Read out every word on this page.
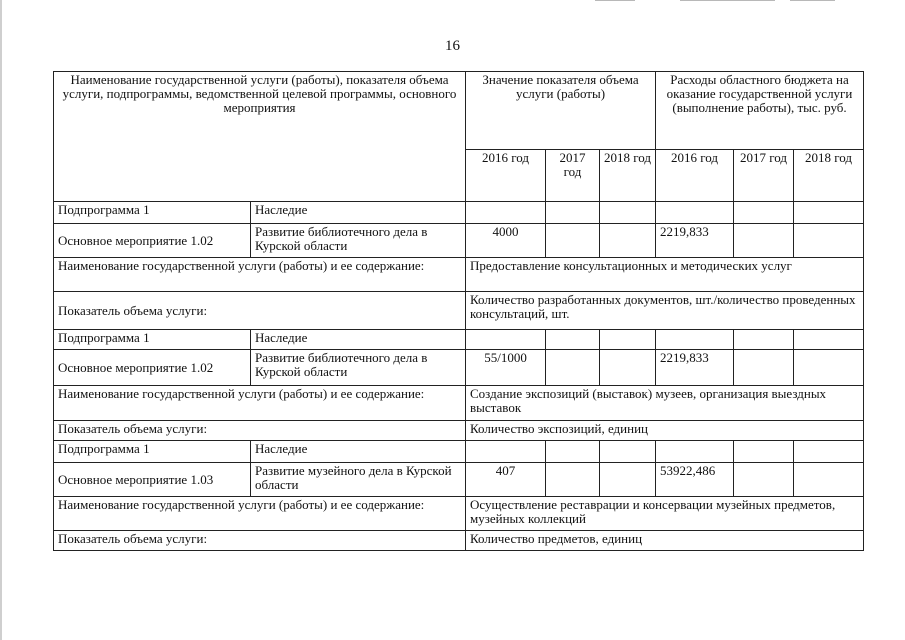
16
Наименование государственной услуги (работы), показателя объема услуги, подпрограммы, ведомственной целевой программы, основного мероприятия		Значение показателя объема услуги (работы)			Расходы областного бюджета на оказание государственной услуги (выполнение работы), тыс. руб.		
		2016 год	2017 год	2018 год	2016 год	2017 год	2018 год
Подпрограмма 1	Наследие						
Основное мероприятие 1.02	Развитие библиотечного дела в Курской области	4000			2219,833		
Наименование государственной услуги (работы) и ее содержание:		Предоставление консультационных и методических услуг					
Показатель объема услуги:		Количество разработанных документов, шт./количество проведенных консультаций, шт.					
Подпрограмма 1	Наследие						
Основное мероприятие 1.02	Развитие библиотечного дела в Курской области	55/1000			2219,833		
Наименование государственной услуги (работы) и ее содержание:		Создание экспозиций (выставок) музеев, организация выездных выставок					
Показатель объема услуги:		Количество экспозиций, единиц					
Подпрограмма 1	Наследие						
Основное мероприятие 1.03	Развитие музейного дела в Курской области	407			53922,486		
Наименование государственной услуги (работы) и ее содержание:		Осуществление реставрации и консервации музейных предметов, музейных коллекций					
Показатель объема услуги:		Количество предметов, единиц					
